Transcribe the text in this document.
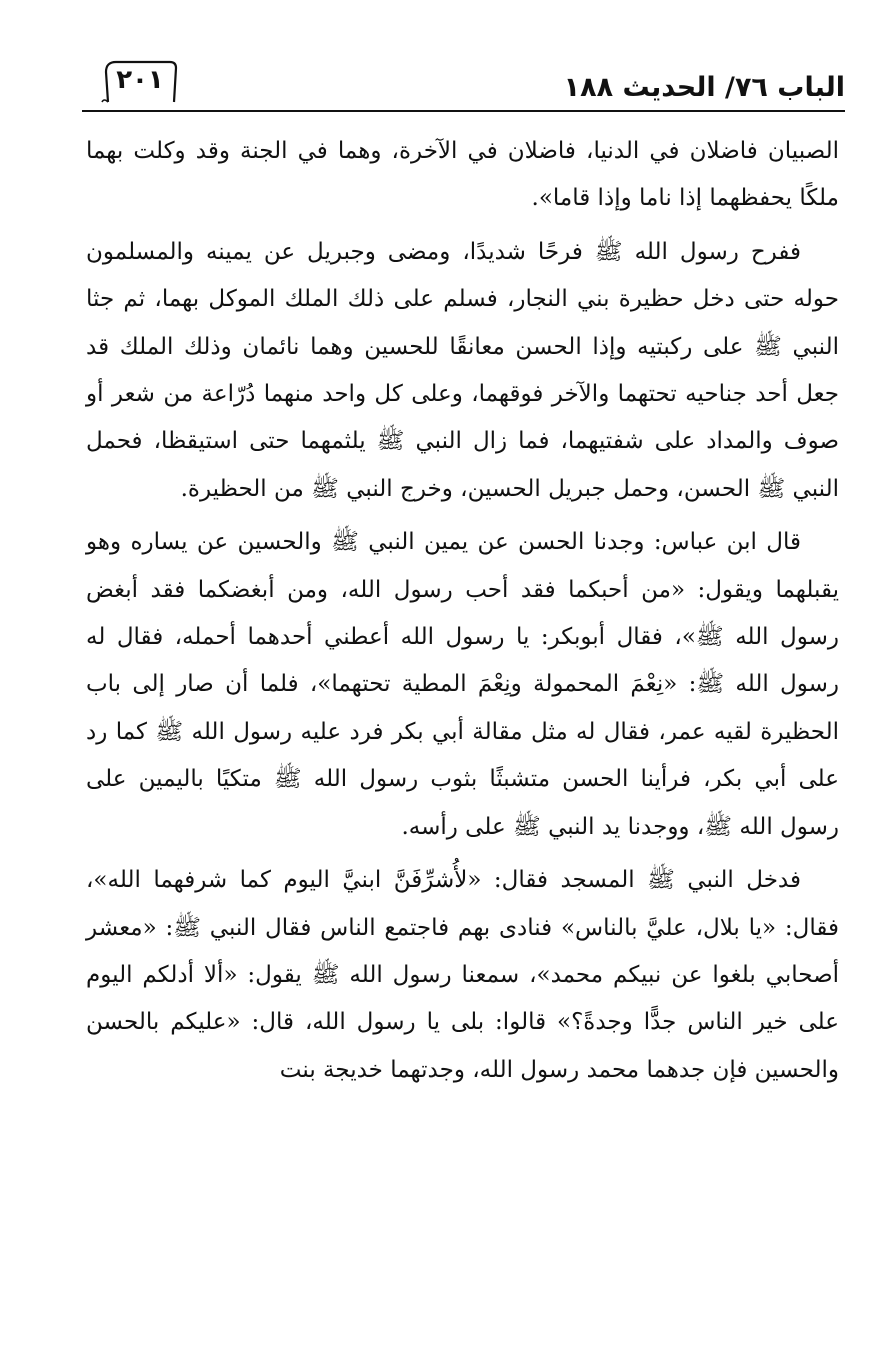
الباب ٧٦/ الحديث ١٨٨
٢٠١

الصبيان فاضلان في الدنيا، فاضلان في الآخرة، وهما في الجنة وقد وكلت بهما ملكًا يحفظهما إذا ناما وإذا قاما».

ففرح رسول الله ﷺ فرحًا شديدًا، ومضى وجبريل عن يمينه والمسلمون حوله حتى دخل حظيرة بني النجار، فسلم على ذلك الملك الموكل بهما، ثم جثا النبي ﷺ على ركبتيه وإذا الحسن معانقًا للحسين وهما نائمان وذلك الملك قد جعل أحد جناحيه تحتهما والآخر فوقهما، وعلى كل واحد منهما دُرّاعة من شعر أو صوف والمداد على شفتيهما، فما زال النبي ﷺ يلثمهما حتى استيقظا، فحمل النبي ﷺ الحسن، وحمل جبريل الحسين، وخرج النبي ﷺ من الحظيرة.

قال ابن عباس: وجدنا الحسن عن يمين النبي ﷺ والحسين عن يساره وهو يقبلهما ويقول: «من أحبكما فقد أحب رسول الله، ومن أبغضكما فقد أبغض رسول الله ﷺ»، فقال أبوبكر: يا رسول الله أعطني أحدهما أحمله، فقال له رسول الله ﷺ: «نِعْمَ المحمولة ونِعْمَ المطية تحتهما»، فلما أن صار إلى باب الحظيرة لقيه عمر، فقال له مثل مقالة أبي بكر فرد عليه رسول الله ﷺ كما رد على أبي بكر، فرأينا الحسن متشبثًا بثوب رسول الله ﷺ متكيًا باليمين على رسول الله ﷺ، ووجدنا يد النبي ﷺ على رأسه.

فدخل النبي ﷺ المسجد فقال: «لأُشرِّفَنَّ ابنيَّ اليوم كما شرفهما الله»، فقال: «يا بلال، عليَّ بالناس» فنادى بهم فاجتمع الناس فقال النبي ﷺ: «معشر أصحابي بلغوا عن نبيكم محمد»، سمعنا رسول الله ﷺ يقول: «ألا أدلكم اليوم على خير الناس جدًّا وجدةً؟» قالوا: بلى يا رسول الله، قال: «عليكم بالحسن والحسين فإن جدهما محمد رسول الله، وجدتهما خديجة بنت
